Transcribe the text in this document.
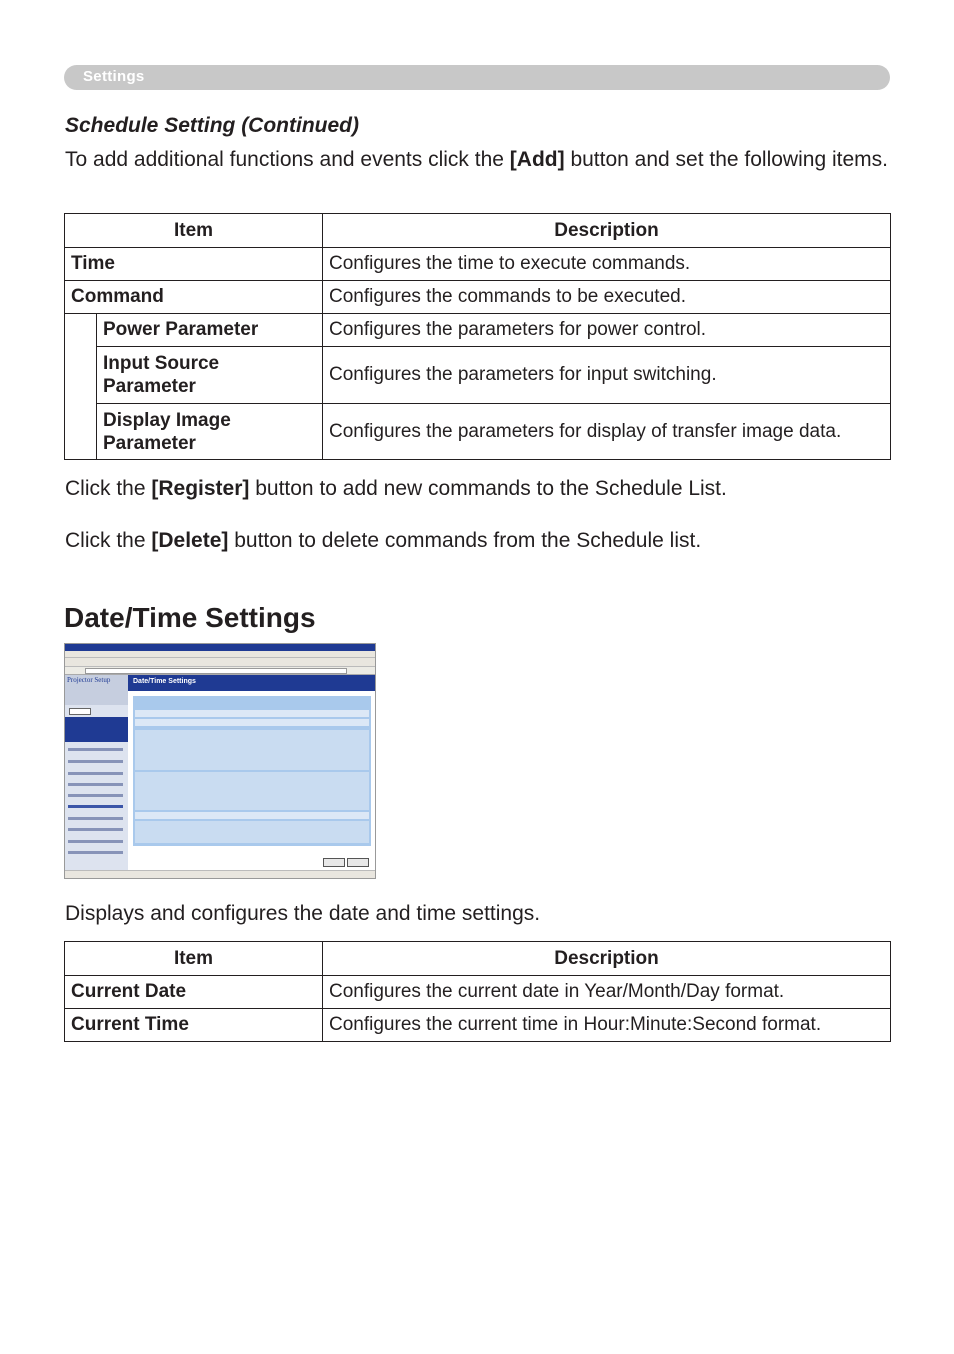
Settings
Schedule Setting (Continued)
To add additional functions and events click the [Add] button and set the following items.
Item		Description
Time		Configures the time to execute commands.
Command		Configures the commands to be executed.
	Power Parameter	Configures the parameters for power control.
	Input Source Parameter	Configures the parameters for input switching.
	Display Image Parameter	Configures the parameters for display of transfer image data.
Click the [Register] button to add new commands to the Schedule List.
Click the [Delete] button to delete commands from the Schedule list.
Date/Time Settings
Projector Setup	Date/Time Settings
Displays and configures the date and time settings.
Item	Description
Current Date	Configures the current date in Year/Month/Day format.
Current Time	Configures the current time in Hour:Minute:Second format.
